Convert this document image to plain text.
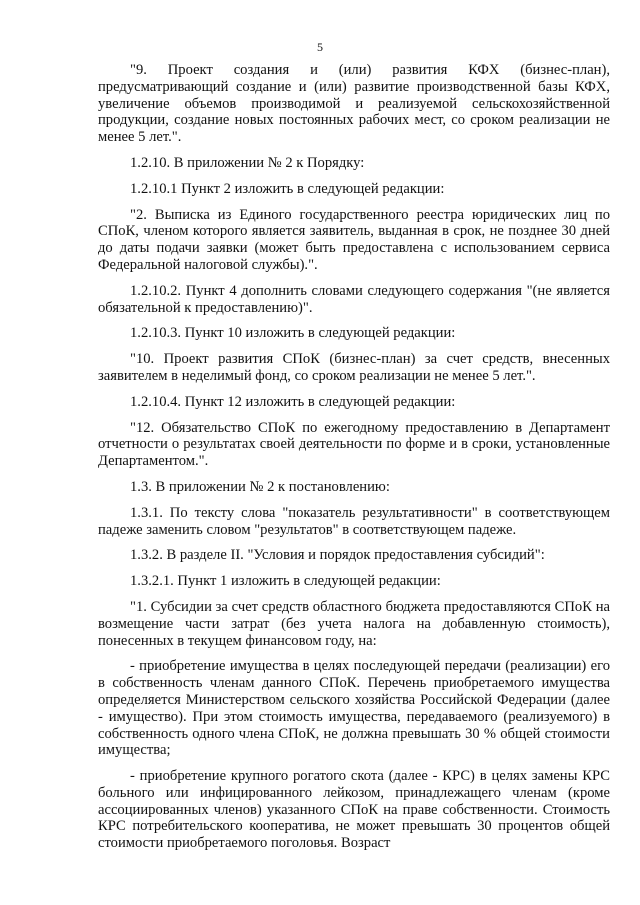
5

"9. Проект создания и (или) развития КФХ (бизнес-план), предусматривающий создание и (или) развитие производственной базы КФХ, увеличение объемов производимой и реализуемой сельскохозяйственной продукции, создание новых постоянных рабочих мест, со сроком реализации не менее 5 лет.".

1.2.10. В приложении № 2 к Порядку:

1.2.10.1 Пункт 2 изложить в следующей редакции:

"2. Выписка из Единого государственного реестра юридических лиц по СПоК, членом которого является заявитель, выданная в срок, не позднее 30 дней до даты подачи заявки (может быть предоставлена с использованием сервиса Федеральной налоговой службы).".

1.2.10.2. Пункт 4 дополнить словами следующего содержания "(не является обязательной к предоставлению)".

1.2.10.3. Пункт 10 изложить в следующей редакции:

"10. Проект развития СПоК (бизнес-план) за счет средств, внесенных заявителем в неделимый фонд, со сроком реализации не менее 5 лет.".

1.2.10.4. Пункт 12 изложить в следующей редакции:

"12. Обязательство СПоК по ежегодному предоставлению в Департамент отчетности о результатах своей деятельности по форме и в сроки, установленные Департаментом.".

1.3. В приложении № 2 к постановлению:

1.3.1. По тексту слова "показатель результативности" в соответствующем падеже заменить словом "результатов" в соответствующем падеже.

1.3.2. В разделе II. "Условия и порядок предоставления субсидий":

1.3.2.1. Пункт 1 изложить в следующей редакции:

"1. Субсидии за счет средств областного бюджета предоставляются СПоК на возмещение части затрат (без учета налога на добавленную стоимость), понесенных в текущем финансовом году, на:

- приобретение имущества в целях последующей передачи (реализации) его в собственность членам данного СПоК. Перечень приобретаемого имущества определяется Министерством сельского хозяйства Российской Федерации (далее - имущество). При этом стоимость имущества, передаваемого (реализуемого) в собственность одного члена СПоК, не должна превышать 30 % общей стоимости имущества;

- приобретение крупного рогатого скота (далее - КРС) в целях замены КРС больного или инфицированного лейкозом, принадлежащего членам (кроме ассоциированных членов) указанного СПоК на праве собственности. Стоимость КРС потребительского кооператива, не может превышать 30 процентов общей стоимости приобретаемого поголовья. Возраст
